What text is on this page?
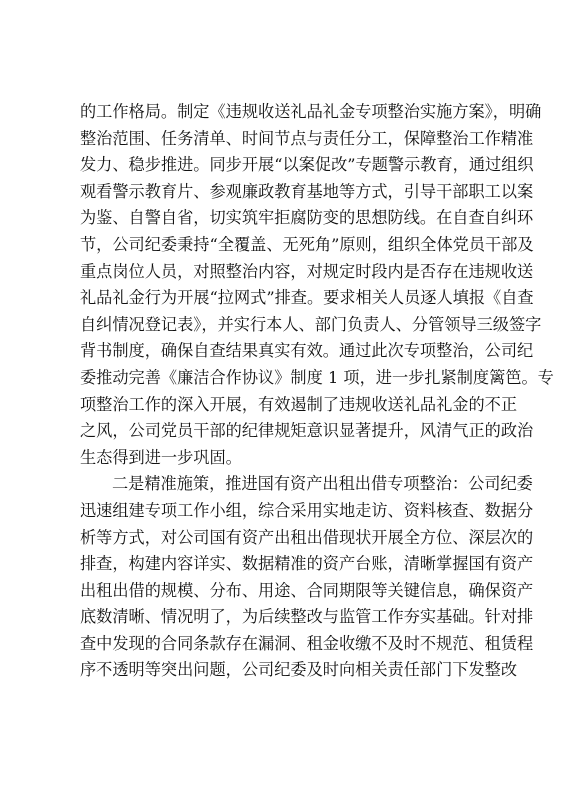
的工作格局。制定《违规收送礼品礼金专项整治实施方案》，明确
整治范围、任务清单、时间节点与责任分工，保障整治工作精准
发力、稳步推进。同步开展“以案促改”专题警示教育，通过组织
观看警示教育片、参观廉政教育基地等方式，引导干部职工以案
为鉴、自警自省，切实筑牢拒腐防变的思想防线。在自查自纠环
节，公司纪委秉持“全覆盖、无死角”原则，组织全体党员干部及
重点岗位人员，对照整治内容，对规定时段内是否存在违规收送
礼品礼金行为开展“拉网式”排查。要求相关人员逐人填报《自查
自纠情况登记表》，并实行本人、部门负责人、分管领导三级签字
背书制度，确保自查结果真实有效。通过此次专项整治，公司纪
委推动完善《廉洁合作协议》制度 1 项，进一步扎紧制度篱笆。专
项整治工作的深入开展，有效遏制了违规收送礼品礼金的不正
之风，公司党员干部的纪律规矩意识显著提升，风清气正的政治
生态得到进一步巩固。
二是精准施策，推进国有资产出租出借专项整治：公司纪委
迅速组建专项工作小组，综合采用实地走访、资料核查、数据分
析等方式，对公司国有资产出租出借现状开展全方位、深层次的
排查，构建内容详实、数据精准的资产台账，清晰掌握国有资产
出租出借的规模、分布、用途、合同期限等关键信息，确保资产
底数清晰、情况明了，为后续整改与监管工作夯实基础。针对排
查中发现的合同条款存在漏洞、租金收缴不及时不规范、租赁程
序不透明等突出问题，公司纪委及时向相关责任部门下发整改
